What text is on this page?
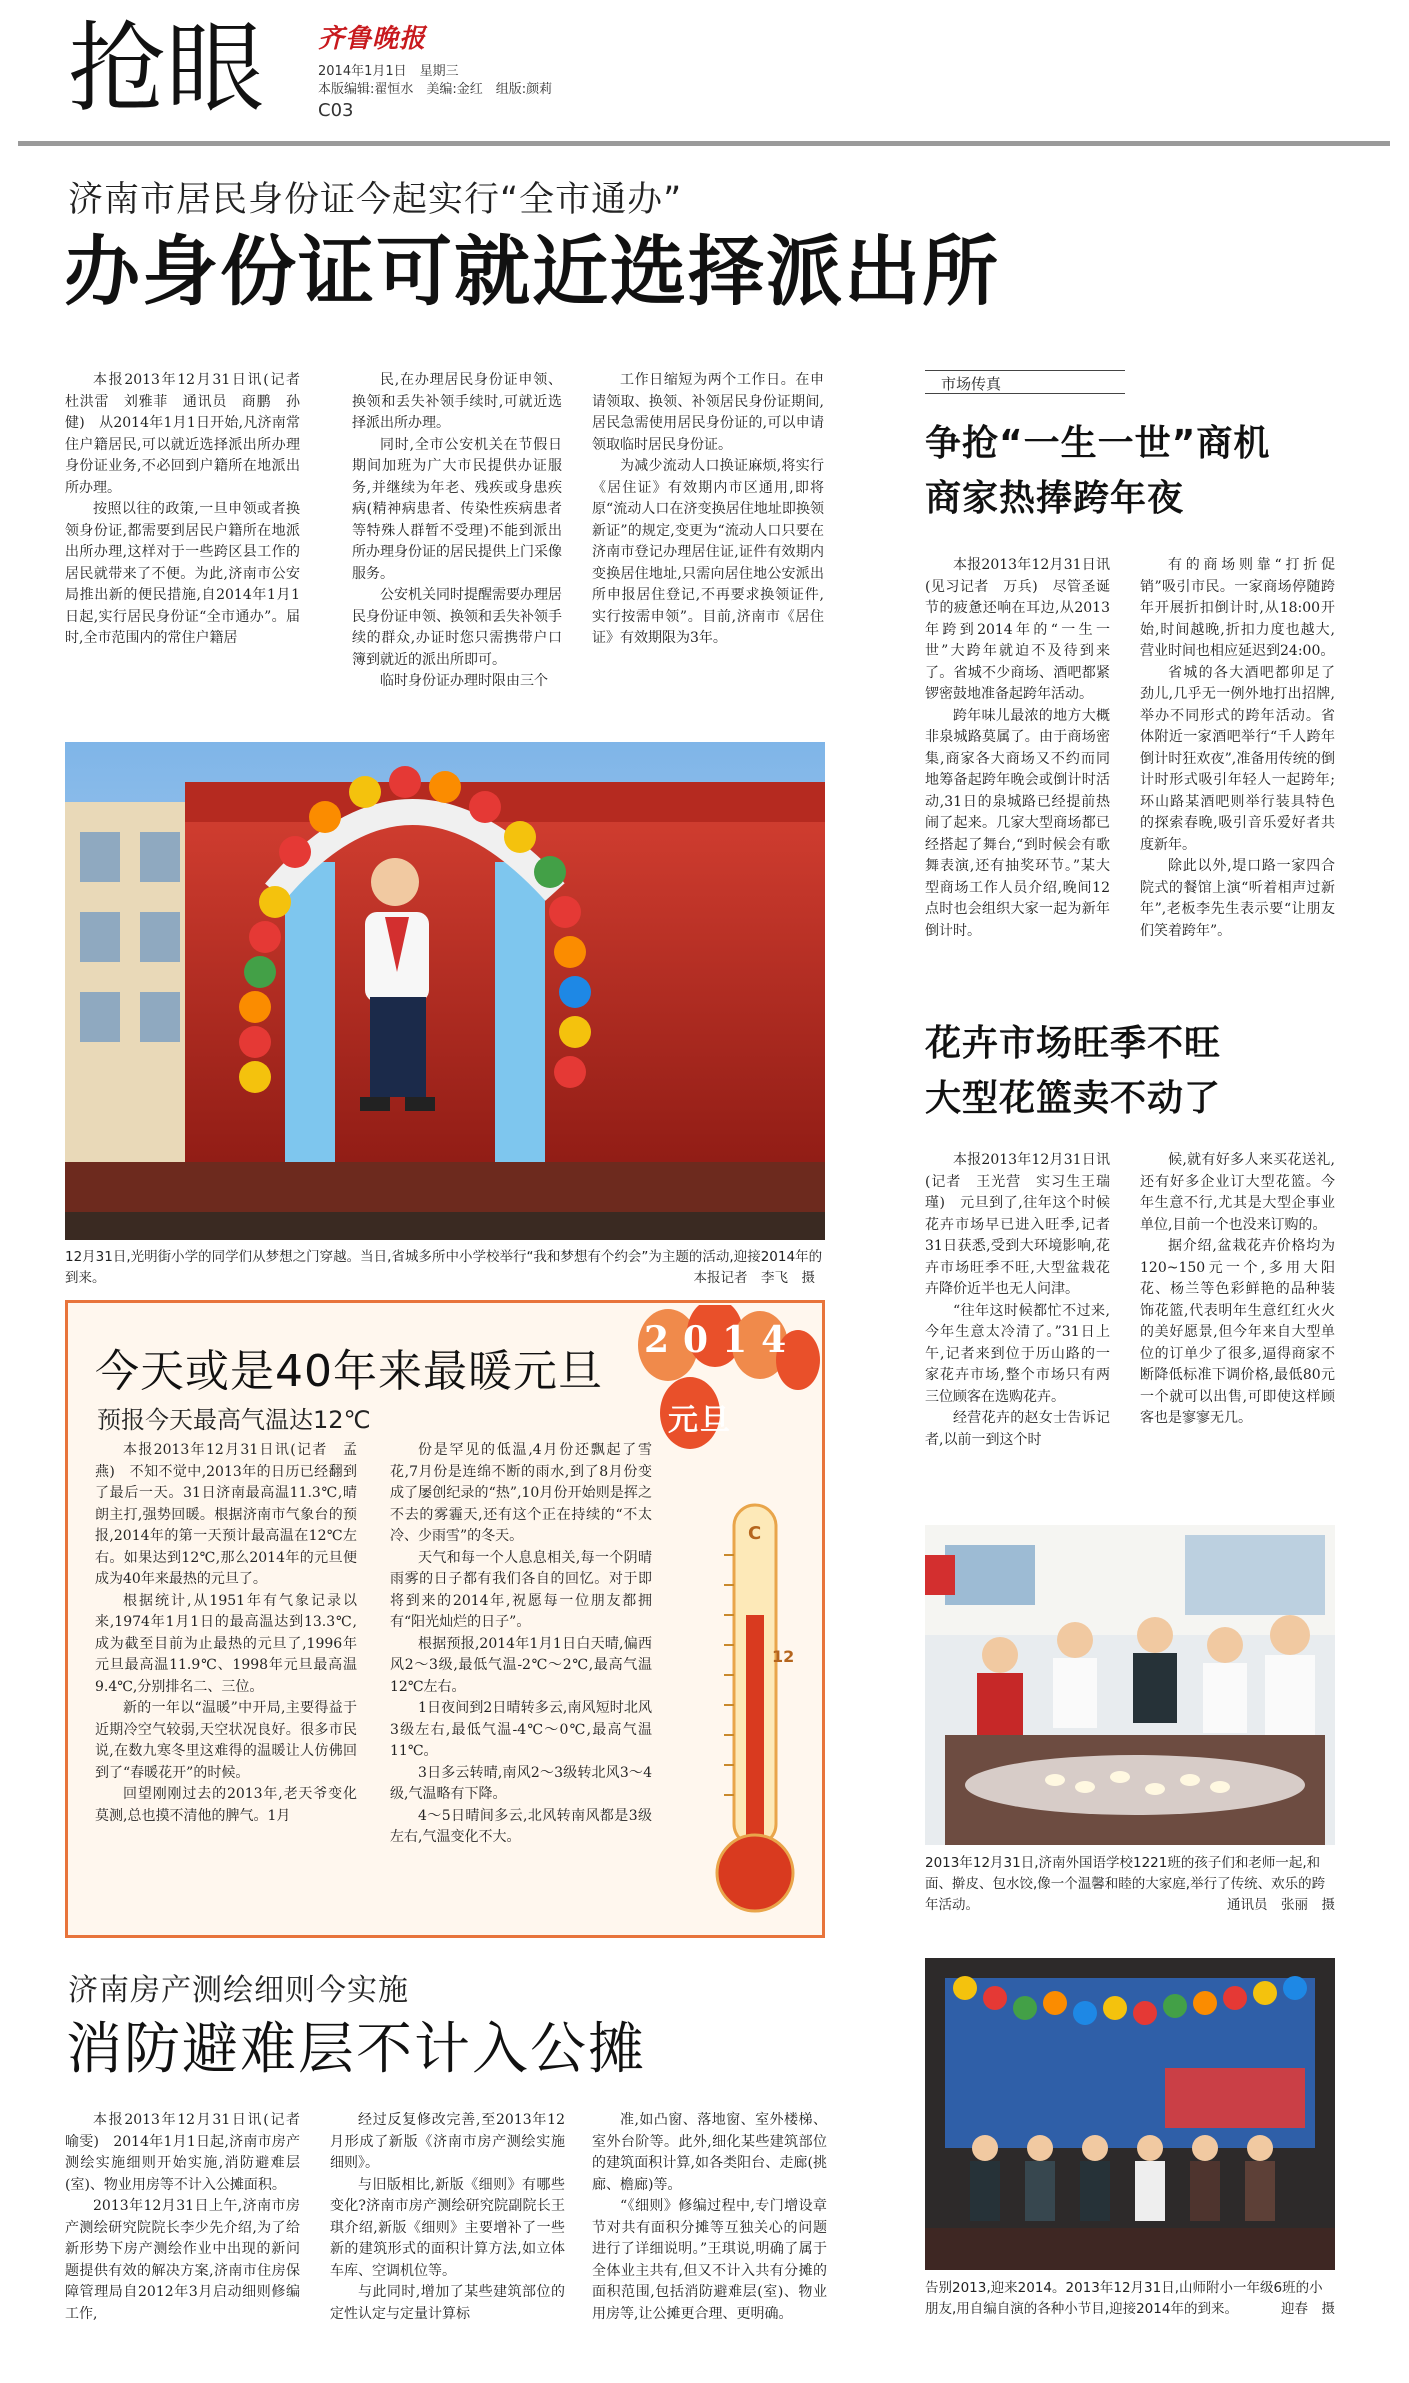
抢眼 齐鲁晚报
2014年1月1日　星期三
本版编辑:翟恒水　美编:金红　组版:颜莉
C03
济南市居民身份证今起实行“全市通办”
办身份证可就近选择派出所

本报2013年12月31日讯(记者　杜洪雷　刘雅菲　通讯员　商鹏　孙健)　从2014年1月1日开始,凡济南常住户籍居民,可以就近选择派出所办理身份证业务,不必回到户籍所在地派出所办理。

按照以往的政策,一旦申领或者换领身份证,都需要到居民户籍所在地派出所办理,这样对于一些跨区县工作的居民就带来了不便。为此,济南市公安局推出新的便民措施,自2014年1月1日起,实行居民身份证“全市通办”。届时,全市范围内的常住户籍居

民,在办理居民身份证申领、换领和丢失补领手续时,可就近选择派出所办理。

同时,全市公安机关在节假日期间加班为广大市民提供办证服务,并继续为年老、残疾或身患疾病(精神病患者、传染性疾病患者等特殊人群暂不受理)不能到派出所办理身份证的居民提供上门采像服务。

公安机关同时提醒需要办理居民身份证申领、换领和丢失补领手续的群众,办证时您只需携带户口簿到就近的派出所即可。

临时身份证办理时限由三个

工作日缩短为两个工作日。在申请领取、换领、补领居民身份证期间,居民急需使用居民身份证的,可以申请领取临时居民身份证。

为减少流动人口换证麻烦,将实行《居住证》有效期内市区通用,即将原“流动人口在济变换居住地址即换领新证”的规定,变更为“流动人口只要在济南市登记办理居住证,证件有效期内变换居住地址,只需向居住地公安派出所申报居住登记,不再要求换领证件,实行按需申领”。目前,济南市《居住证》有效期限为3年。

12月31日,光明街小学的同学们从梦想之门穿越。当日,省城多所中小学校举行“我和梦想有个约会”为主题的活动,迎接2014年的到来。	本报记者　李飞　摄
今天或是40年来最暖元旦
预报今天最高气温达12℃
2014
元旦

本报2013年12月31日讯(记者　孟燕)　不知不觉中,2013年的日历已经翻到了最后一天。31日济南最高温11.3℃,晴朗主打,强势回暖。根据济南市气象台的预报,2014年的第一天预计最高温在12℃左右。如果达到12℃,那么2014年的元旦便成为40年来最热的元旦了。

根据统计,从1951年有气象记录以来,1974年1月1日的最高温达到13.3℃,成为截至目前为止最热的元旦了,1996年元旦最高温11.9℃、1998年元旦最高温9.4℃,分别排名二、三位。

新的一年以“温暖”中开局,主要得益于近期冷空气较弱,天空状况良好。很多市民说,在数九寒冬里这难得的温暖让人仿佛回到了“春暖花开”的时候。

回望刚刚过去的2013年,老天爷变化莫测,总也摸不清他的脾气。1月

份是罕见的低温,4月份还飘起了雪花,7月份是连绵不断的雨水,到了8月份变成了屡创纪录的“热”,10月份开始则是挥之不去的雾霾天,还有这个正在持续的“不太冷、少雨雪”的冬天。

天气和每一个人息息相关,每一个阴晴雨雾的日子都有我们各自的回忆。对于即将到来的2014年,祝愿每一位朋友都拥有“阳光灿烂的日子”。

根据预报,2014年1月1日白天晴,偏西风2～3级,最低气温-2℃～2℃,最高气温12℃左右。

1日夜间到2日晴转多云,南风短时北风3级左右,最低气温-4℃～0℃,最高气温11℃。

3日多云转晴,南风2～3级转北风3～4级,气温略有下降。

4～5日晴间多云,北风转南风都是3级左右,气温变化不大。

C
12
济南房产测绘细则今实施
消防避难层不计入公摊

本报2013年12月31日讯(记者　喻雯)　2014年1月1日起,济南市房产测绘实施细则开始实施,消防避难层(室)、物业用房等不计入公摊面积。

2013年12月31日上午,济南市房产测绘研究院院长李少先介绍,为了给新形势下房产测绘作业中出现的新问题提供有效的解决方案,济南市住房保障管理局自2012年3月启动细则修编工作,

经过反复修改完善,至2013年12月形成了新版《济南市房产测绘实施细则》。

与旧版相比,新版《细则》有哪些变化?济南市房产测绘研究院副院长王琪介绍,新版《细则》主要增补了一些新的建筑形式的面积计算方法,如立体车库、空调机位等。

与此同时,增加了某些建筑部位的定性认定与定量计算标

准,如凸窗、落地窗、室外楼梯、室外台阶等。此外,细化某些建筑部位的建筑面积计算,如各类阳台、走廊(挑廊、檐廊)等。

“《细则》修编过程中,专门增设章节对共有面积分摊等互独关心的问题进行了详细说明。”王琪说,明确了属于全体业主共有,但又不计入共有分摊的面积范围,包括消防避难层(室)、物业用房等,让公摊更合理、更明确。

市场传真
争抢“一生一世”商机
商家热捧跨年夜

本报2013年12月31日讯(见习记者　万兵)　尽管圣诞节的疲惫还响在耳边,从2013年跨到2014年的“一生一世”大跨年就迫不及待到来了。省城不少商场、酒吧都紧锣密鼓地准备起跨年活动。

跨年味儿最浓的地方大概非泉城路莫属了。由于商场密集,商家各大商场又不约而同地筹备起跨年晚会或倒计时活动,31日的泉城路已经提前热闹了起来。几家大型商场都已经搭起了舞台,“到时候会有歌舞表演,还有抽奖环节。”某大型商场工作人员介绍,晚间12点时也会组织大家一起为新年倒计时。

有的商场则靠“打折促销”吸引市民。一家商场停随跨年开展折扣倒计时,从18:00开始,时间越晚,折扣力度也越大,营业时间也相应延迟到24:00。

省城的各大酒吧都卯足了劲儿,几乎无一例外地打出招牌,举办不同形式的跨年活动。省体附近一家酒吧举行“千人跨年倒计时狂欢夜”,准备用传统的倒计时形式吸引年轻人一起跨年;环山路某酒吧则举行装具特色的探索春晚,吸引音乐爱好者共度新年。

除此以外,堤口路一家四合院式的餐馆上演“听着相声过新年”,老板李先生表示要“让朋友们笑着跨年”。

花卉市场旺季不旺
大型花篮卖不动了

本报2013年12月31日讯(记者　王光营　实习生王瑞瑾)　元旦到了,往年这个时候花卉市场早已进入旺季,记者31日获悉,受到大环境影响,花卉市场旺季不旺,大型盆栽花卉降价近半也无人问津。

“往年这时候都忙不过来,今年生意太冷清了。”31日上午,记者来到位于历山路的一家花卉市场,整个市场只有两三位顾客在选购花卉。

经营花卉的赵女士告诉记者,以前一到这个时

候,就有好多人来买花送礼,还有好多企业订大型花篮。今年生意不行,尤其是大型企事业单位,目前一个也没来订购的。

据介绍,盆栽花卉价格均为120~150元一个,多用大阳花、杨兰等色彩鲜艳的品种装饰花篮,代表明年生意红红火火的美好愿景,但今年来自大型单位的订单少了很多,逼得商家不断降低标准下调价格,最低80元一个就可以出售,可即使这样顾客也是寥寥无几。

2013年12月31日,济南外国语学校1221班的孩子们和老师一起,和面、擀皮、包水饺,像一个温馨和睦的大家庭,举行了传统、欢乐的跨年活动。	通讯员　张丽　摄
告别2013,迎来2014。2013年12月31日,山师附小一年级6班的小朋友,用自编自演的各种小节目,迎接2014年的到来。	迎春　摄
